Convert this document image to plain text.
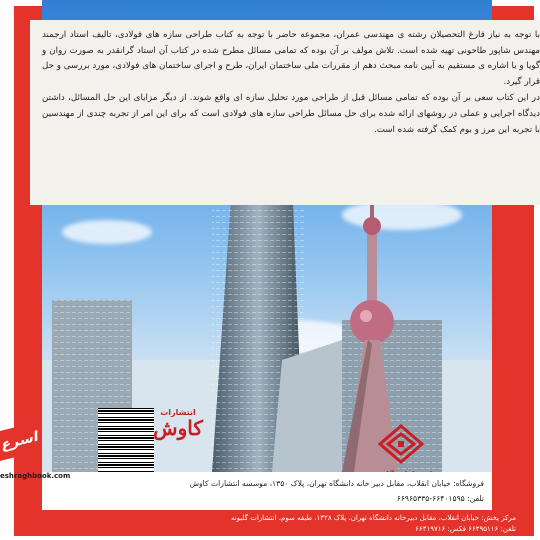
با توجه به نیاز فارغ التحصیلان رشته ی مهندسی عمران، مجموعه حاضر با توجه به کتاب طراحی سازه های فولادی، تالیف استاد ارجمند مهندس شاپور طاحونی تهیه شده است. تلاش مولف بر آن بوده که تمامی مسائل مطرح شده در کتاب آن استاد گرانقدر به صورت روان و گویا و با اشاره ی مستقیم به آیین نامه مبحث دهم از مقررات ملی ساختمان ایران، طرح و اجرای ساختمان های فولادی، مورد بررسی و حل قرار گیرد.

در این کتاب سعی بر آن بوده که تمامی مسائل قبل از طراحی مورد تحلیل سازه ای واقع شوند. از دیگر مزایای این حل المسائل، داشتن دیدگاه اجرایی و عملی در روشهای ارائه شده برای حل مسائل طراحی سازه های فولادی است که برای این امر از تجربه چندی از مهندسین با تجربه این مرز و بوم کمک گرفته شده است.

انتشارات
کاوش
فروشگاه: خیابان انقلاب، مقابل دبیر خانه دانشگاه تهران، پلاک ۱۳۵۰، موسسه انتشارات کاوش
تلفن: ۶۶۴۰۱۵۹۵-۶۶۹۶۵۳۳۵
مرکز پخش: خیابان انقلاب، مقابل دبیرخانه دانشگاه تهران، پلاک ۱۳۲۸، طبقه سوم، انتشارات گلبونه
تلفن: ۶۶۴۹۵۱۱۶ فکس: ۶۶۴۱۹۷۱۶
اسرع
eshraghbook.com
